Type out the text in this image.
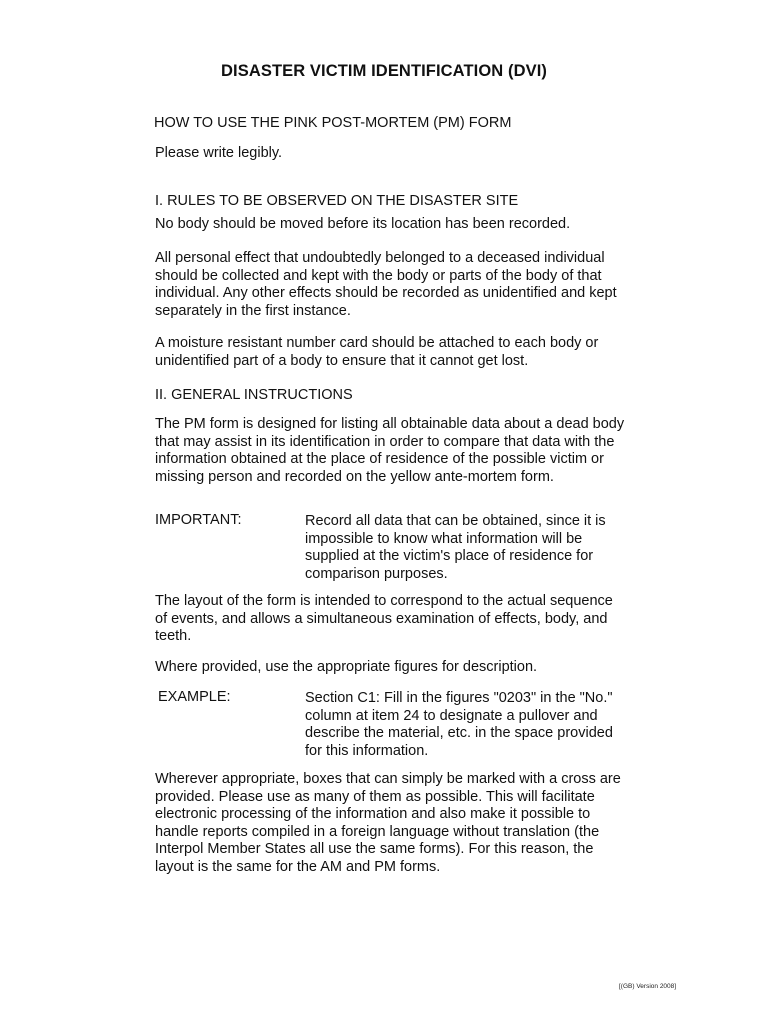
DISASTER VICTIM IDENTIFICATION (DVI)
HOW TO USE THE PINK POST-MORTEM (PM) FORM
Please write legibly.
I. RULES TO BE OBSERVED ON THE DISASTER SITE
No body should be moved before its location has been recorded.
All personal effect that undoubtedly belonged to a deceased individual should be collected and kept with the body or parts of the body of that individual. Any other effects should be recorded as unidentified and kept separately in the first instance.
A moisture resistant number card should be attached to each body or unidentified part of a body to ensure that it cannot get lost.
II. GENERAL INSTRUCTIONS
The PM form is designed for listing all obtainable data about a dead body that may assist in its identification in order to compare that data with the information obtained at the place of residence of the possible victim or missing person and recorded on the yellow ante-mortem form.
IMPORTANT:	Record all data that can be obtained, since it is impossible to know what information will be supplied at the victim's place of residence for comparison purposes.
The layout of the form is intended to correspond to the actual sequence of events, and allows a simultaneous examination of effects, body, and teeth.
Where provided, use the appropriate figures for description.
EXAMPLE:	Section C1: Fill in the figures "0203" in the "No." column at item 24 to designate a pullover and describe the material, etc. in the space provided for this information.
Wherever appropriate, boxes that can simply be marked with a cross are provided. Please use as many of them as possible. This will facilitate electronic processing of the information and also make it possible to handle reports compiled in a foreign language without translation (the Interpol Member States all use the same forms). For this reason, the layout is the same for the AM and PM forms.
[(GB) Version 2008]
